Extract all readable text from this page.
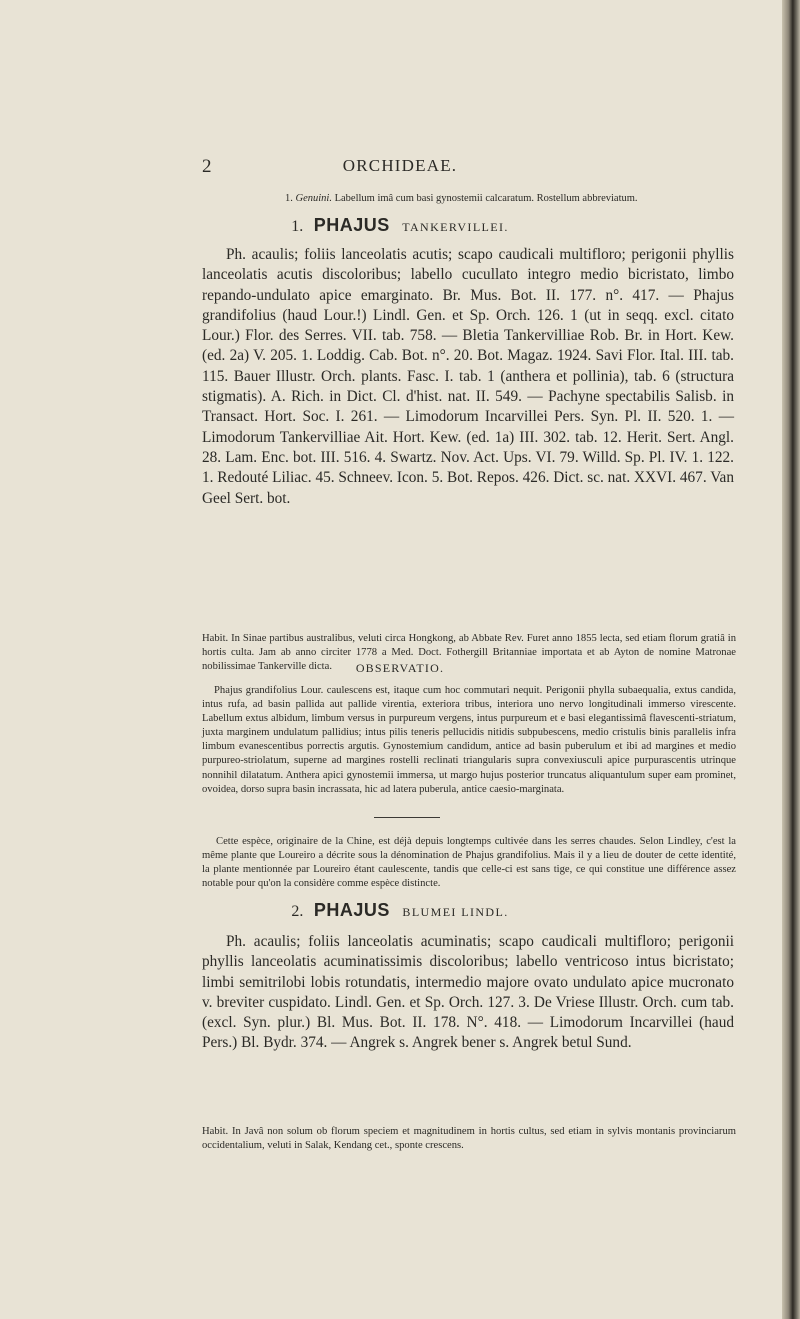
2	ORCHIDEAE.
1. Genuini. Labellum imâ cum basi gynostemii calcaratum. Rostellum abbreviatum.
1. PHAJUS TANKERVILLEI.

Ph. acaulis; foliis lanceolatis acutis; scapo caudicali multifloro; perigonii phyllis lanceolatis acutis discoloribus; labello cucullato integro medio bicristato, limbo repando-undulato apice emarginato. Br. Mus. Bot. II. 177. n°. 417. — Phajus grandifolius (haud Lour.!) Lindl. Gen. et Sp. Orch. 126. 1 (ut in seqq. excl. citato Lour.) Flor. des Serres. VII. tab. 758. — Bletia Tankervilliae Rob. Br. in Hort. Kew. (ed. 2a) V. 205. 1. Loddig. Cab. Bot. n°. 20. Bot. Magaz. 1924. Savi Flor. Ital. III. tab. 115. Bauer Illustr. Orch. plants. Fasc. I. tab. 1 (anthera et pollinia), tab. 6 (structura stigmatis). A. Rich. in Dict. Cl. d'hist. nat. II. 549. — Pachyne spectabilis Salisb. in Transact. Hort. Soc. I. 261. — Limodorum Incarvillei Pers. Syn. Pl. II. 520. 1. — Limodorum Tankervilliae Ait. Hort. Kew. (ed. 1a) III. 302. tab. 12. Herit. Sert. Angl. 28. Lam. Enc. bot. III. 516. 4. Swartz. Nov. Act. Ups. VI. 79. Willd. Sp. Pl. IV. 1. 122. 1. Redouté Liliac. 45. Schneev. Icon. 5. Bot. Repos. 426. Dict. sc. nat. XXVI. 467. Van Geel Sert. bot.

Habit. In Sinae partibus australibus, veluti circa Hongkong, ab Abbate Rev. Furet anno 1855 lecta, sed etiam florum gratiâ in hortis culta. Jam ab anno circiter 1778 a Med. Doct. Fothergill Britanniae importata et ab Ayton de nomine Matronae nobilissimae Tankerville dicta.	OBSERVATIO.

Phajus grandifolius Lour. caulescens est, itaque cum hoc commutari nequit. Perigonii phylla subaequalia, extus candida, intus rufa, ad basin pallida aut pallide virentia, exteriora tribus, interiora uno nervo longitudinali immerso virescente. Labellum extus albidum, limbum versus in purpureum vergens, intus purpureum et e basi elegantissimâ flavescenti-striatum, juxta marginem undulatum pallidius; intus pilis teneris pellucidis nitidis subpubescens, medio cristulis binis parallelis infra limbum evanescentibus porrectis argutis. Gynostemium candidum, antice ad basin puberulum et ibi ad margines et medio purpureo-striolatum, superne ad margines rostelli reclinati triangularis supra convexiusculi apice purpurascentis utrinque nonnihil dilatatum. Anthera apici gynostemii immersa, ut margo hujus posterior truncatus aliquantulum super eam prominet, ovoidea, dorso supra basin incrassata, hic ad latera puberula, antice caesio-marginata.

Cette espèce, originaire de la Chine, est déjà depuis longtemps cultivée dans les serres chaudes. Selon Lindley, c'est la même plante que Loureiro a décrite sous la dénomination de Phajus grandifolius. Mais il y a lieu de douter de cette identité, la plante mentionnée par Loureiro étant caulescente, tandis que celle-ci est sans tige, ce qui constitue une différence assez notable pour qu'on la considère comme espèce distincte.

2. PHAJUS BLUMEI LINDL.

Ph. acaulis; foliis lanceolatis acuminatis; scapo caudicali multifloro; perigonii phyllis lanceolatis acuminatissimis discoloribus; labello ventricoso intus bicristato; limbi semitrilobi lobis rotundatis, intermedio majore ovato undulato apice mucronato v. breviter cuspidato. Lindl. Gen. et Sp. Orch. 127. 3. De Vriese Illustr. Orch. cum tab. (excl. Syn. plur.) Bl. Mus. Bot. II. 178. N°. 418. — Limodorum Incarvillei (haud Pers.) Bl. Bydr. 374. — Angrek s. Angrek bener s. Angrek betul Sund.

Habit. In Javâ non solum ob florum speciem et magnitudinem in hortis cultus, sed etiam in sylvis montanis provinciarum occidentalium, veluti in Salak, Kendang cet., sponte crescens.
